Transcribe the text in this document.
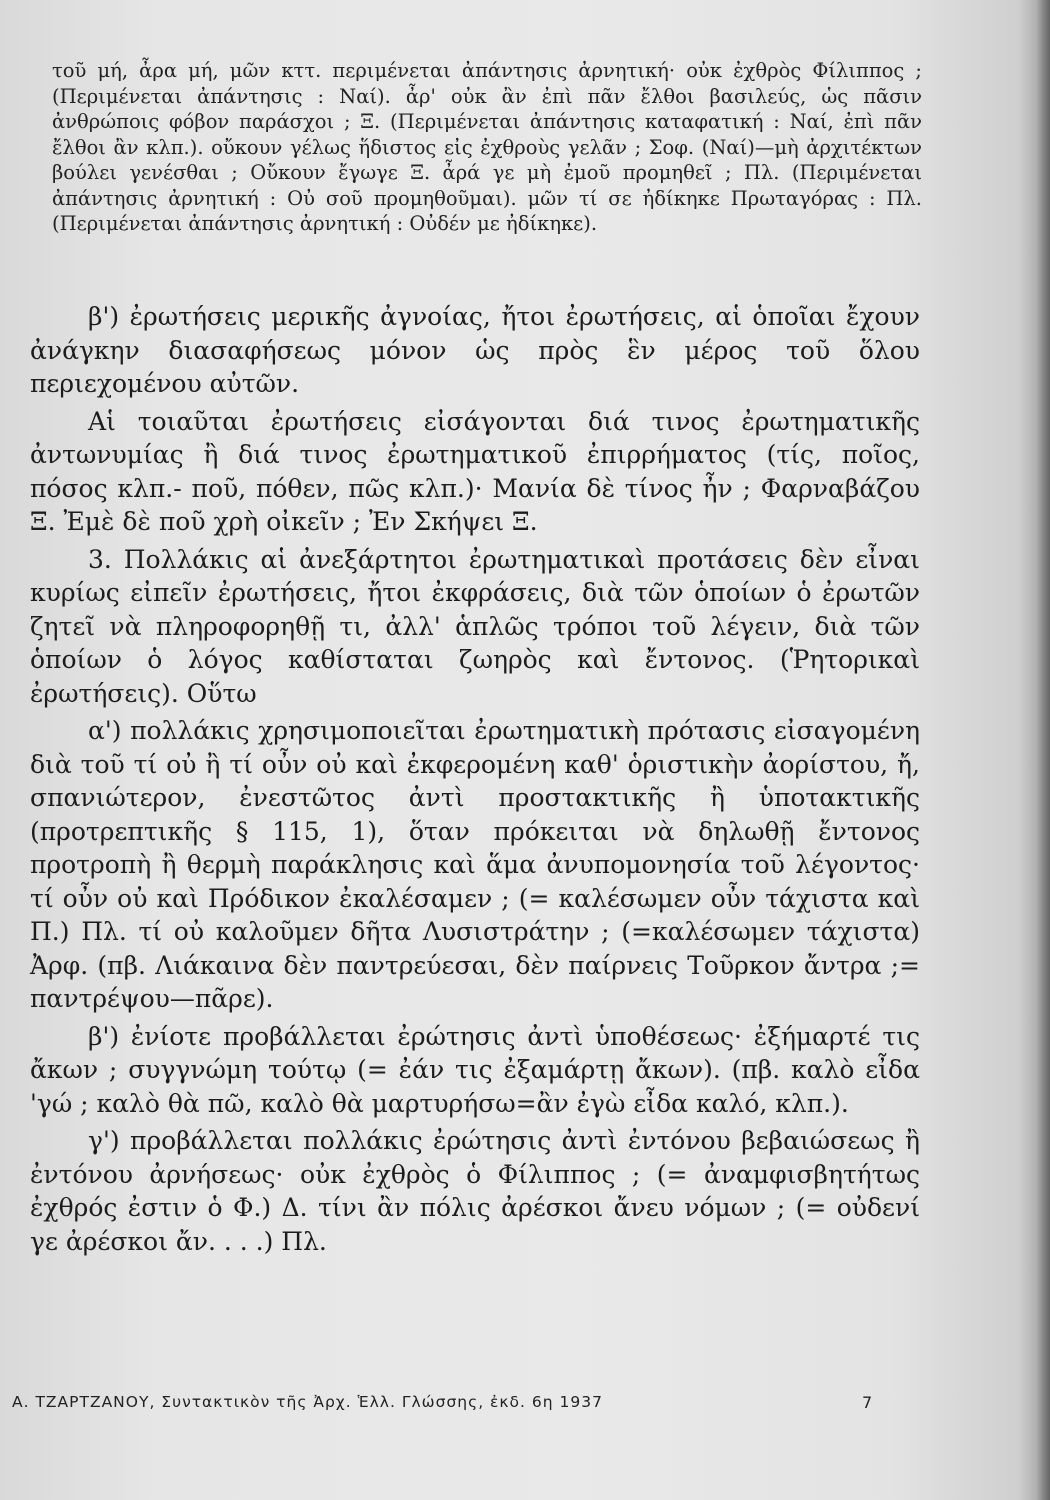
τοῦ μή, ἆρα μή, μῶν κττ. περιμένεται ἀπάντησις ἀρνητική· οὐκ ἐχθρὸς Φίλιππος ; (Περιμένεται ἀπάντησις : Ναί). ἆρ' οὐκ ἂν ἐπὶ πᾶν ἔλθοι βασιλεύς, ὡς πᾶσιν ἀνθρώποις φόβον παράσχοι ; Ξ. (Περιμένεται ἀπάντησις καταφατική : Ναί, ἐπὶ πᾶν ἔλθοι ἂν κλπ.). οὔκουν γέλως ἥδιστος εἰς ἐχθροὺς γελᾶν ; Σοφ. (Ναί)—μὴ ἀρχιτέκτων βούλει γενέσθαι ; Οὔκουν ἔγωγε Ξ. ἆρά γε μὴ ἐμοῦ προμηθεῖ ; Πλ. (Περιμένεται ἀπάντησις ἀρνητική : Οὐ σοῦ προμηθοῦμαι). μῶν τί σε ἠδίκηκε Πρωταγόρας : Πλ. (Περιμένεται ἀπάντησις ἀρνητική : Οὐδέν με ἠδίκηκε).

β') ἐρωτήσεις μερικῆς ἀγνοίας, ἤτοι ἐρωτήσεις, αἱ ὁποῖαι ἔχουν ἀνάγκην διασαφήσεως μόνον ὡς πρὸς ἓν μέρος τοῦ ὅλου περιεχομένου αὐτῶν.

Αἱ τοιαῦται ἐρωτήσεις εἰσάγονται διά τινος ἐρωτηματικῆς ἀντωνυμίας ἢ διά τινος ἐρωτηματικοῦ ἐπιρρήματος (τίς, ποῖος, πόσος κλπ.- ποῦ, πόθεν, πῶς κλπ.)· Μανία δὲ τίνος ἦν ; Φαρναβάζου Ξ. Ἐμὲ δὲ ποῦ χρὴ οἰκεῖν ; Ἐν Σκήψει Ξ.

3. Πολλάκις αἱ ἀνεξάρτητοι ἐρωτηματικαὶ προτάσεις δὲν εἶναι κυρίως εἰπεῖν ἐρωτήσεις, ἤτοι ἐκφράσεις, διὰ τῶν ὁποίων ὁ ἐρωτῶν ζητεῖ νὰ πληροφορηθῇ τι, ἀλλ' ἁπλῶς τρόποι τοῦ λέγειν, διὰ τῶν ὁποίων ὁ λόγος καθίσταται ζωηρὸς καὶ ἔντονος. (Ῥητορικαὶ ἐρωτήσεις). Οὕτω

α') πολλάκις χρησιμοποιεῖται ἐρωτηματικὴ πρότασις εἰσαγομένη διὰ τοῦ τί οὐ ἢ τί οὖν οὐ καὶ ἐκφερομένη καθ' ὁριστικὴν ἀορίστου, ἤ, σπανιώτερον, ἐνεστῶτος ἀντὶ προστακτικῆς ἢ ὑποτακτικῆς (προτρεπτικῆς § 115, 1), ὅταν πρόκειται νὰ δηλωθῇ ἔντονος προτροπὴ ἢ θερμὴ παράκλησις καὶ ἅμα ἀνυπομονησία τοῦ λέγοντος· τί οὖν οὐ καὶ Πρόδικον ἐκαλέσαμεν ; (= καλέσωμεν οὖν τάχιστα καὶ Π.) Πλ. τί οὐ καλοῦμεν δῆτα Λυσιστράτην ; (=καλέσωμεν τάχιστα) Ἀρφ. (πβ. Λιάκαινα δὲν παντρεύεσαι, δὲν παίρνεις Τοῦρκον ἄντρα ;= παντρέψου—πᾶρε).

β') ἐνίοτε προβάλλεται ἐρώτησις ἀντὶ ὑποθέσεως· ἐξήμαρτέ τις ἄκων ; συγγνώμη τούτῳ (= ἐάν τις ἐξαμάρτῃ ἄκων). (πβ. καλὸ εἶδα 'γώ ; καλὸ θὰ πῶ, καλὸ θὰ μαρτυρήσω=ἂν ἐγὼ εἶδα καλό, κλπ.).

γ') προβάλλεται πολλάκις ἐρώτησις ἀντὶ ἐντόνου βεβαιώσεως ἢ ἐντόνου ἀρνήσεως· οὐκ ἐχθρὸς ὁ Φίλιππος ; (= ἀναμφισβητήτως ἐχθρός ἐστιν ὁ Φ.) Δ. τίνι ἂν πόλις ἀρέσκοι ἄνευ νόμων ; (= οὐδενί γε ἀρέσκοι ἄν. . . .) Πλ.

Α. ΤΖΑΡΤΖΑΝΟΥ, Συντακτικὸν τῆς Ἀρχ. Ἑλλ. Γλώσσης, ἐκδ. 6η 1937	7
